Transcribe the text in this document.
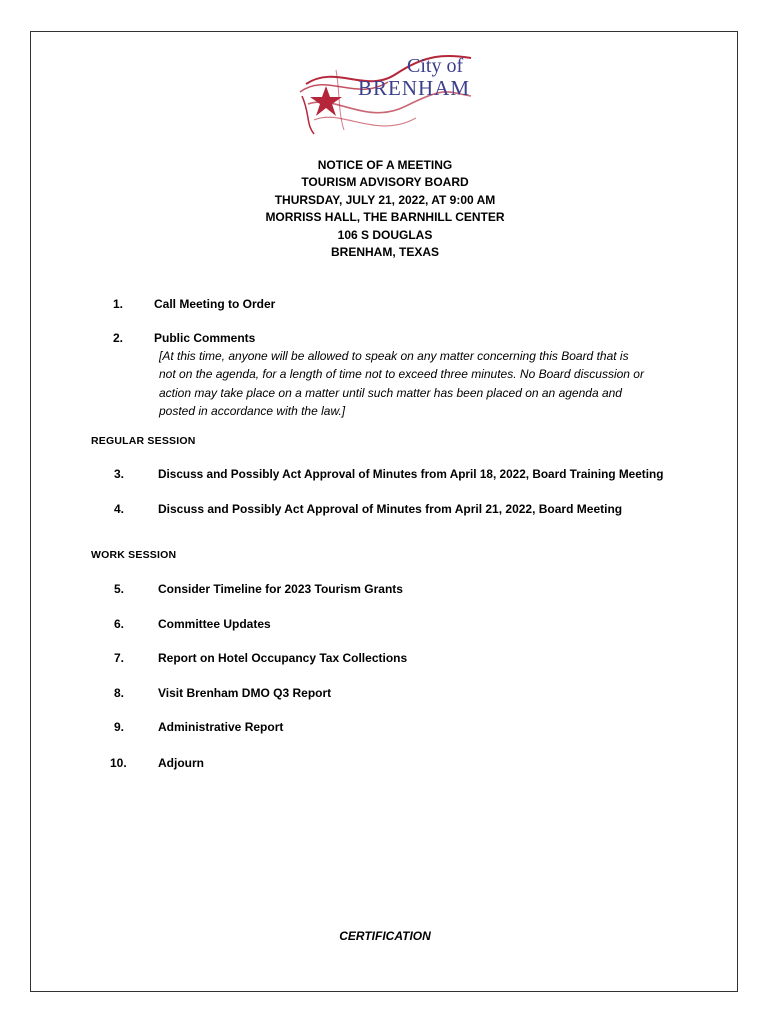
City of
BRENHAM
NOTICE OF A MEETING
TOURISM ADVISORY BOARD
THURSDAY, JULY 21, 2022, AT 9:00 AM
MORRISS HALL, THE BARNHILL CENTER
106 S DOUGLAS
BRENHAM, TEXAS
1.	Call Meeting to Order
2.	Public Comments
[At this time, anyone will be allowed to speak on any matter concerning this Board that is
not on the agenda, for a length of time not to exceed three minutes. No Board discussion or
action may take place on a matter until such matter has been placed on an agenda and
posted in accordance with the law.]
REGULAR SESSION
3.	Discuss and Possibly Act Approval of Minutes from April 18, 2022, Board Training Meeting
4.	Discuss and Possibly Act Approval of Minutes from April 21, 2022, Board Meeting
WORK SESSION
5.	Consider Timeline for 2023 Tourism Grants
6.	Committee Updates
7.	Report on Hotel Occupancy Tax Collections
8.	Visit Brenham DMO Q3 Report
9.	Administrative Report
10.	Adjourn
CERTIFICATION
